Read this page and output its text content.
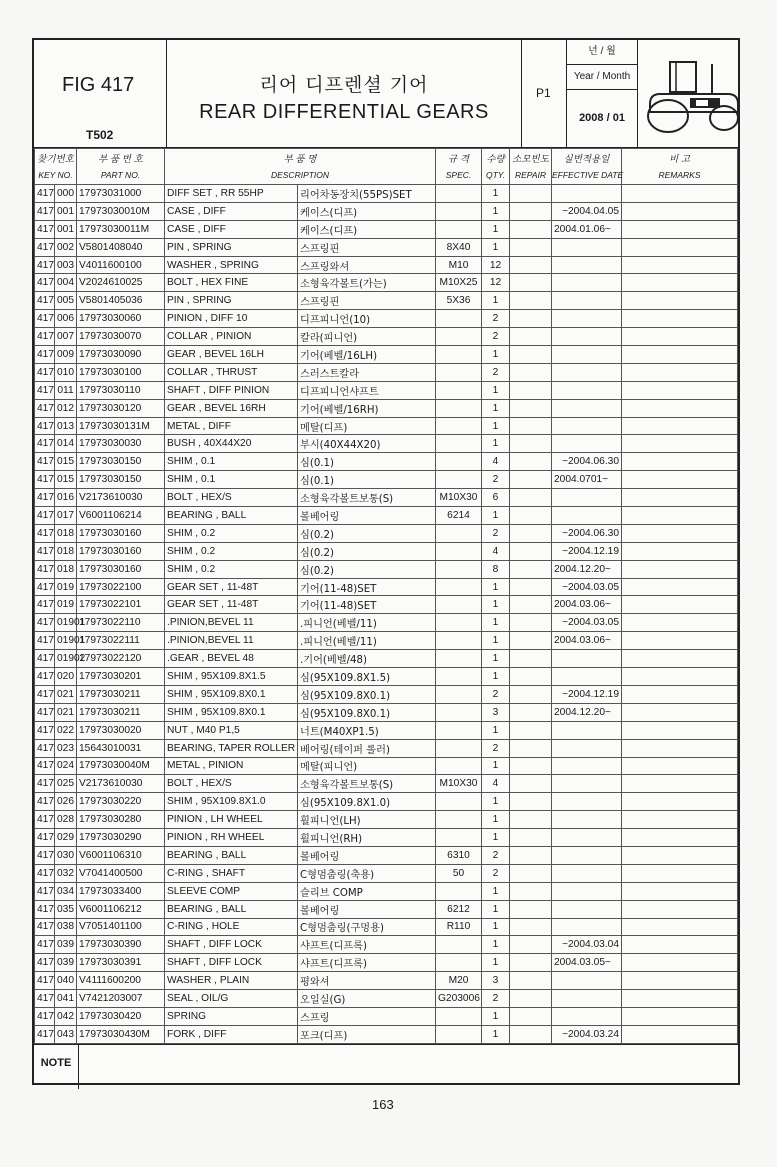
FIG 417
T502
리어 디프렌셜 기어
REAR DIFFERENTIAL GEARS
P1
년 / 월
Year / Month
2008 / 01
찾기번호		부 품 번 호	부 품 명		규 격	수량	소모빈도	실번적용일	비 고
KEY NO.		PART NO.	DESCRIPTION		SPEC.	QTY.	REPAIR	EFFECTIVE DATE	REMARKS
417	000	17973031000	DIFF SET , RR 55HP	리어차동장치(55PS)SET		1			
417	001	17973030010M	CASE , DIFF	케이스(디프)		1		~2004.04.05	
417	001	17973030011M	CASE , DIFF	케이스(디프)		1		2004.01.06~	
417	002	V5801408040	PIN , SPRING	스프링핀	8X40	1			
417	003	V4011600100	WASHER , SPRING	스프링와셔	M10	12			
417	004	V2024610025	BOLT , HEX FINE	소형육각볼트(가는)	M10X25	12			
417	005	V5801405036	PIN , SPRING	스프링핀	5X36	1			
417	006	17973030060	PINION , DIFF 10	디프피니언(10)		2			
417	007	17973030070	COLLAR , PINION	칼라(피니언)		2			
417	009	17973030090	GEAR , BEVEL 16LH	기어(베벨/16LH)		1			
417	010	17973030100	COLLAR , THRUST	스러스트칼라		2			
417	011	17973030110	SHAFT , DIFF PINION	디프피니언샤프트		1			
417	012	17973030120	GEAR , BEVEL 16RH	기어(베벨/16RH)		1			
417	013	17973030131M	METAL , DIFF	메탈(디프)		1			
417	014	17973030030	BUSH , 40X44X20	부시(40X44X20)		1			
417	015	17973030150	SHIM , 0.1	심(0.1)		4		~2004.06.30	
417	015	17973030150	SHIM , 0.1	심(0.1)		2		2004.0701~	
417	016	V2173610030	BOLT , HEX/S	소형육각볼트보통(S)	M10X30	6			
417	017	V6001106214	BEARING , BALL	볼베어링	6214	1			
417	018	17973030160	SHIM , 0.2	심(0.2)		2		~2004.06.30	
417	018	17973030160	SHIM , 0.2	심(0.2)		4		~2004.12.19	
417	018	17973030160	SHIM , 0.2	심(0.2)		8		2004.12.20~	
417	019	17973022100	GEAR SET , 11-48T	기어(11-48)SET		1		~2004.03.05	
417	019	17973022101	GEAR SET , 11-48T	기어(11-48)SET		1		2004.03.06~	
417	01901	17973022110	.PINION,BEVEL 11	.피니언(베벨/11)		1		~2004.03.05	
417	01901	17973022111	.PINION,BEVEL 11	.피니언(베벨/11)		1		2004.03.06~	
417	01902	17973022120	.GEAR , BEVEL 48	.기어(베벨/48)		1			
417	020	17973030201	SHIM , 95X109.8X1.5	심(95X109.8X1.5)		1			
417	021	17973030211	SHIM , 95X109.8X0.1	심(95X109.8X0.1)		2		~2004.12.19	
417	021	17973030211	SHIM , 95X109.8X0.1	심(95X109.8X0.1)		3		2004.12.20~	
417	022	17973030020	NUT , M40 P1,5	너트(M40XP1.5)		1			
417	023	15643010031	BEARING, TAPER ROLLER	베어링(테이퍼 롤러)		2			
417	024	17973030040M	METAL , PINION	메탈(피니언)		1			
417	025	V2173610030	BOLT , HEX/S	소형육각볼트보통(S)	M10X30	4			
417	026	17973030220	SHIM , 95X109.8X1.0	심(95X109.8X1.0)		1			
417	028	17973030280	PINION , LH WHEEL	휠피니언(LH)		1			
417	029	17973030290	PINION , RH WHEEL	휠피니언(RH)		1			
417	030	V6001106310	BEARING , BALL	볼베어링	6310	2			
417	032	V7041400500	C-RING , SHAFT	C형멈춤링(축용)	50	2			
417	034	17973033400	SLEEVE COMP	슬리브 COMP		1			
417	035	V6001106212	BEARING , BALL	볼베어링	6212	1			
417	038	V7051401100	C-RING , HOLE	C형멈춤링(구멍용)	R110	1			
417	039	17973030390	SHAFT , DIFF LOCK	샤프트(디프록)		1		~2004.03.04	
417	039	17973030391	SHAFT , DIFF LOCK	샤프트(디프록)		1		2004.03.05~	
417	040	V4111600200	WASHER , PLAIN	평와셔	M20	3			
417	041	V7421203007	SEAL , OIL/G	오일실(G)	G203006	2			
417	042	17973030420	SPRING	스프링		1			
417	043	17973030430M	FORK , DIFF	포크(디프)		1		~2004.03.24	
NOTE
163
